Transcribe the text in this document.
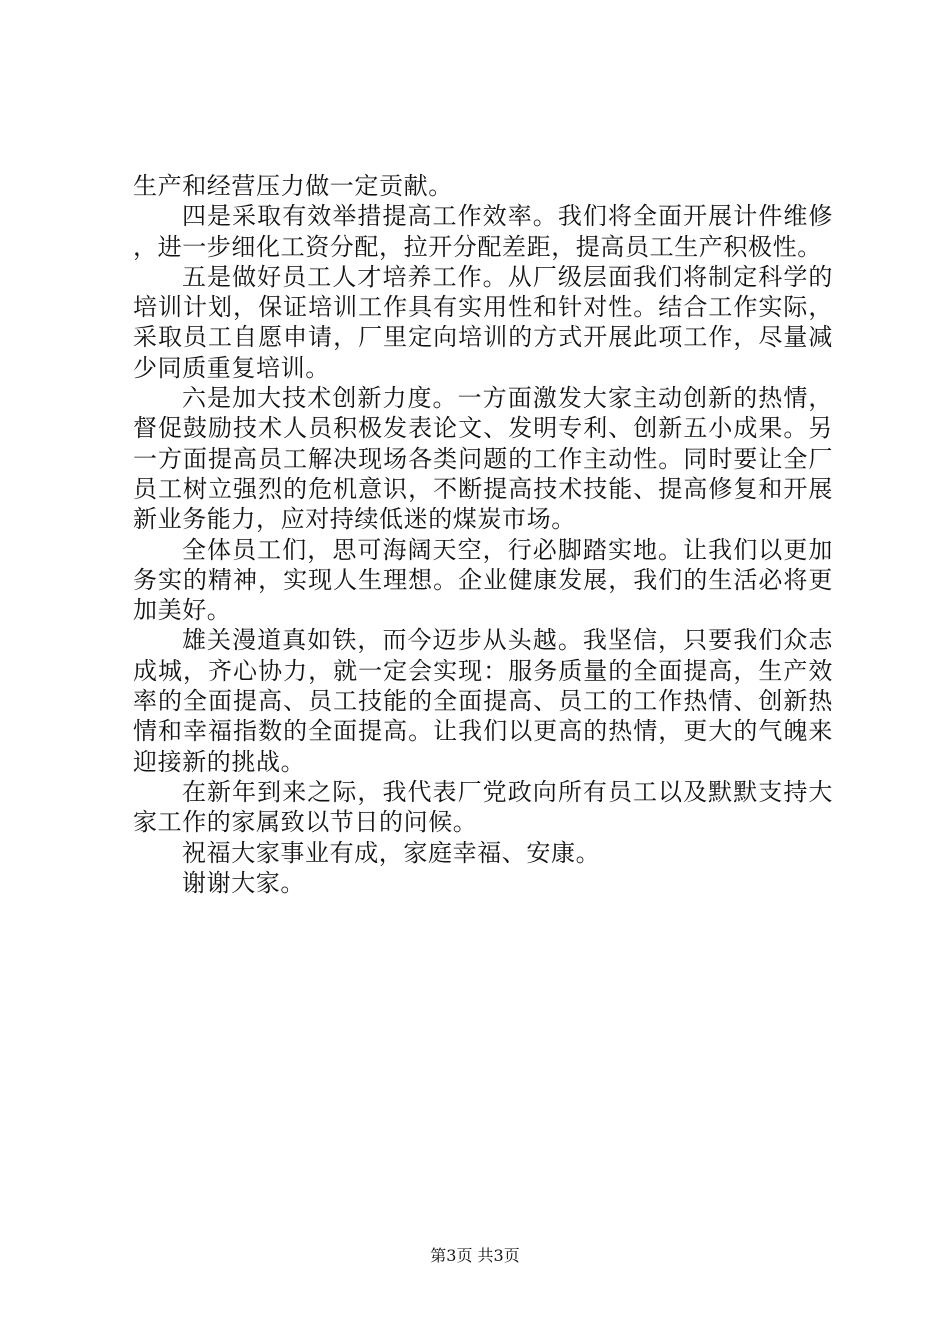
生产和经营压力做一定贡献。

四是采取有效举措提高工作效率。我们将全面开展计件维修，进一步细化工资分配，拉开分配差距，提高员工生产积极性。

五是做好员工人才培养工作。从厂级层面我们将制定科学的培训计划，保证培训工作具有实用性和针对性。结合工作实际，采取员工自愿申请，厂里定向培训的方式开展此项工作，尽量减少同质重复培训。

六是加大技术创新力度。一方面激发大家主动创新的热情，督促鼓励技术人员积极发表论文、发明专利、创新五小成果。另一方面提高员工解决现场各类问题的工作主动性。同时要让全厂员工树立强烈的危机意识，不断提高技术技能、提高修复和开展新业务能力，应对持续低迷的煤炭市场。

全体员工们，思可海阔天空，行必脚踏实地。让我们以更加务实的精神，实现人生理想。企业健康发展，我们的生活必将更加美好。

雄关漫道真如铁，而今迈步从头越。我坚信，只要我们众志成城，齐心协力，就一定会实现：服务质量的全面提高，生产效率的全面提高、员工技能的全面提高、员工的工作热情、创新热情和幸福指数的全面提高。让我们以更高的热情，更大的气魄来迎接新的挑战。

在新年到来之际，我代表厂党政向所有员工以及默默支持大家工作的家属致以节日的问候。

祝福大家事业有成，家庭幸福、安康。

谢谢大家。

第3页 共3页
